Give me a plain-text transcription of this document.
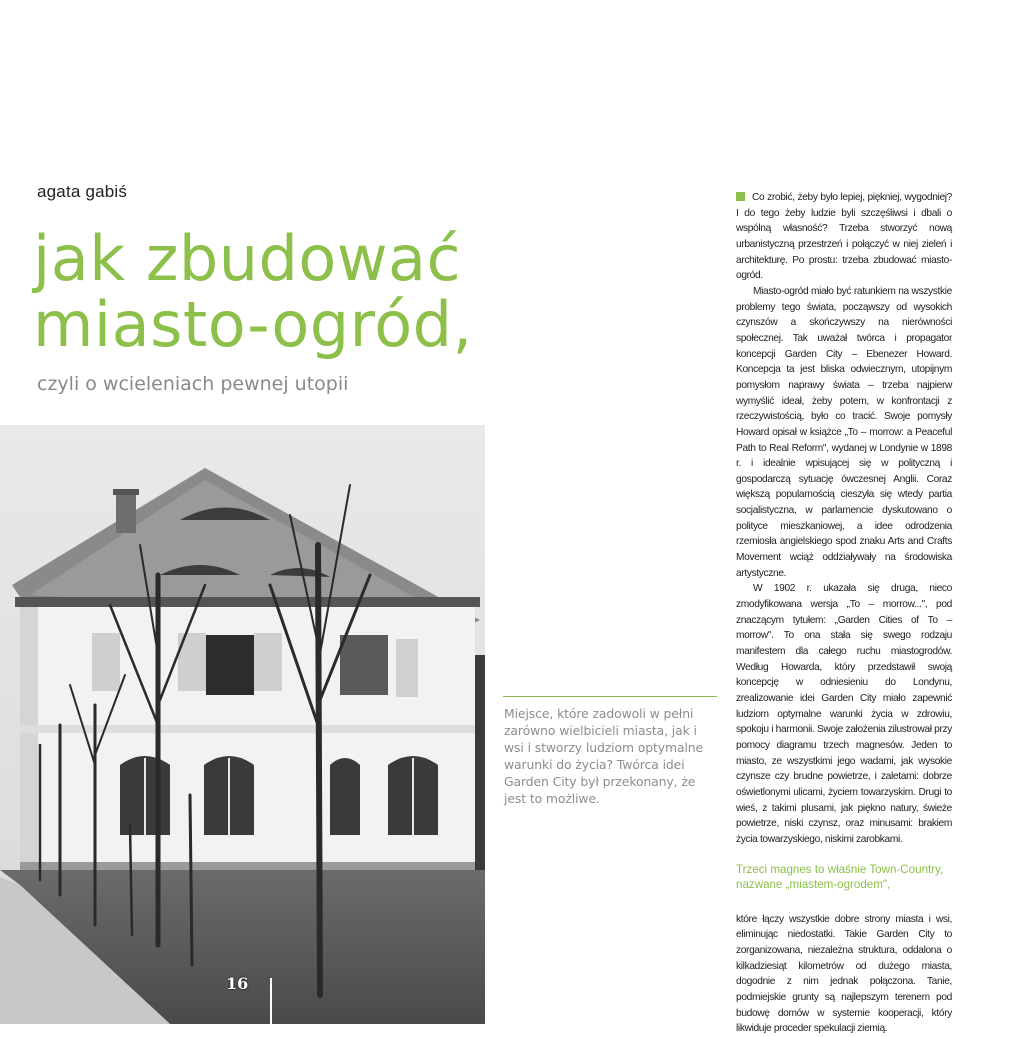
agata gabiś
jak zbudować
miasto-ogród,
czyli o wcieleniach pewnej utopii
16
Miejsce, które zadowoli w pełni zarówno wielbicieli miasta, jak i wsi i stworzy ludziom optymalne warunki do życia? Twórca idei Garden City był przekonany, że jest to możliwe.

Co zrobić, żeby było lepiej, piękniej, wygodniej? I do tego żeby ludzie byli szczęśliwsi i dbali o wspólną własność? Trzeba stworzyć nową urbanistyczną przestrzeń i połączyć w niej zieleń i architekturę. Po prostu: trzeba zbudować miasto-ogród.

Miasto-ogród miało być ratunkiem na wszystkie problemy tego świata, począwszy od wysokich czynszów a skończywszy na nierówności społecznej. Tak uważał twórca i propagator koncepcji Garden City – Ebenezer Howard. Koncepcja ta jest bliska odwiecznym, utopijnym pomysłom naprawy świata – trzeba najpierw wymyślić ideał, żeby potem, w konfrontacji z rzeczywistością, było co tracić. Swoje pomysły Howard opisał w książce „To – morrow: a Peaceful Path to Real Reform", wydanej w Londynie w 1898 r. i idealnie wpisującej się w polityczną i gospodarczą sytuację ówczesnej Anglii. Coraz większą popularnością cieszyła się wtedy partia socjalistyczna, w parlamencie dyskutowano o polityce mieszkaniowej, a idee odrodzenia rzemiosła angielskiego spod znaku Arts and Crafts Movement wciąż oddziaływały na środowiska artystyczne.

W 1902 r. ukazała się druga, nieco zmodyfikowana wersja „To – morrow...", pod znaczącym tytułem: „Garden Cities of To – morrow". To ona stała się swego rodzaju manifestem dla całego ruchu miastogrodów. Według Howarda, który przedstawił swoją koncepcję w odniesieniu do Londynu, zrealizowanie idei Garden City miało zapewnić ludziom optymalne warunki życia w zdrowiu, spokoju i harmonii. Swoje założenia zilustrował przy pomocy diagramu trzech magnesów. Jeden to miasto, ze wszystkimi jego wadami, jak wysokie czynsze czy brudne powietrze, i zaletami: dobrze oświetlonymi ulicami, życiem towarzyskim. Drugi to wieś, z takimi plusami, jak piękno natury, świeże powietrze, niski czynsz, oraz minusami: brakiem życia towarzyskiego, niskimi zarobkami.

Trzeci magnes to właśnie Town-Country, nazwane „miastem-ogrodem",

które łączy wszystkie dobre strony miasta i wsi, eliminując niedostatki. Takie Garden City to zorganizowana, niezależna struktura, oddalona o kilkadziesiąt kilometrów od dużego miasta, dogodnie z nim jednak połączona. Tanie, podmiejskie grunty są najlepszym terenem pod budowę domów w systemie kooperacji, który likwiduje proceder spekulacji ziemią.
